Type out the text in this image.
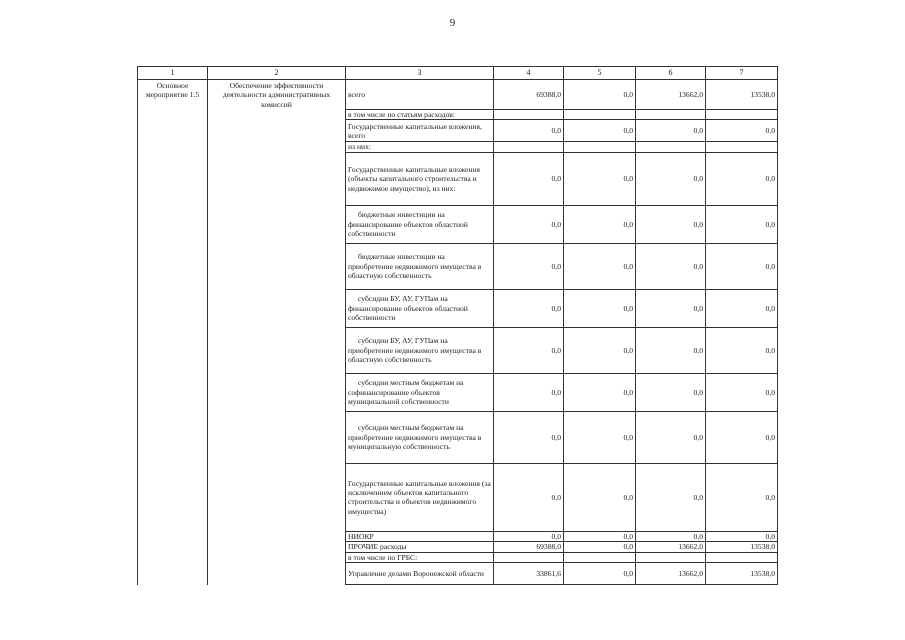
9
1	2	3	4	5	6	7
Основное мероприятие 1.5	Обеспечение эффективности деятельности административных комиссий	всего	69388,0	0,0	13662,0	13538,0
		в том числе по статьям расходов:				
		Государственные капитальные вложения, всего	0,0	0,0	0,0	0,0
		из них:				
		Государственные капитальные вложения (объекты капитального строительства и недвижимое имущество), из них:	0,0	0,0	0,0	0,0
		бюджетные инвестиции на финансирование объектов областной собственности	0,0	0,0	0,0	0,0
		бюджетные инвестиции на приобретение недвижимого имущества в областную собственность	0,0	0,0	0,0	0,0
		субсидии БУ, АУ, ГУПам на финансирование объектов областной собственности	0,0	0,0	0,0	0,0
		субсидии БУ, АУ, ГУПам на приобретение недвижимого имущества в областную собственность	0,0	0,0	0,0	0,0
		субсидии местным бюджетам на софинансирование объектов муниципальной собственности	0,0	0,0	0,0	0,0
		субсидии местным бюджетам на приобретение недвижимого имущества в муниципальную собственность	0,0	0,0	0,0	0,0
		Государственные капитальные вложения (за исключением объектов капитального строительства и объектов недвижимого имущества)	0,0	0,0	0,0	0,0
		НИОКР	0,0	0,0	0,0	0,0
		ПРОЧИЕ расходы	69388,0	0,0	13662,0	13538,0
		в том числе по ГРБС:				
		Управление делами Воронежской области	33861,6	0,0	13662,0	13538,0
